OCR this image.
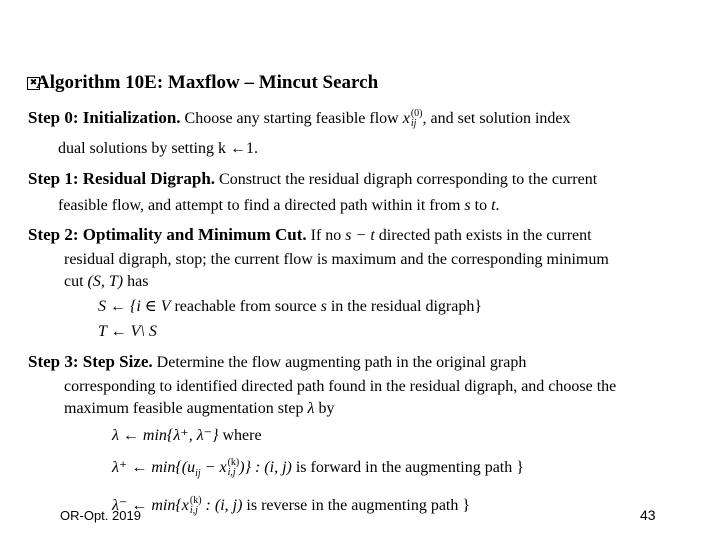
✖
Algorithm 10E: Maxflow – Mincut Search
Step 0: Initialization. Choose any starting feasible flow x (0)
ij , and set solution index
dual solutions by setting k ←1.
Step 1: Residual Digraph. Construct the residual digraph corresponding to the current
feasible flow, and attempt to find a directed path within it from s to t.
Step 2: Optimality and Minimum Cut. If no s − t directed path exists in the current
residual digraph, stop; the current flow is maximum and the corresponding minimum
cut (S, T) has
S ← {i ∈ V reachable from source s in the residual digraph}
T ← V\ S
Step 3: Step Size. Determine the flow augmenting path in the original graph
corresponding to identified directed path found in the residual digraph, and choose the
maximum feasible augmentation step λ by
λ ← min{λ⁺, λ⁻} where
λ⁺ ← $\min\{(u_{ij} - x$ (k)
i,j )} : (i, j) is forward in the augmenting path }
λ⁻ ← min{x (k)
i,j : (i, j) is reverse in the augmenting path }
OR-Opt. 2019	43
